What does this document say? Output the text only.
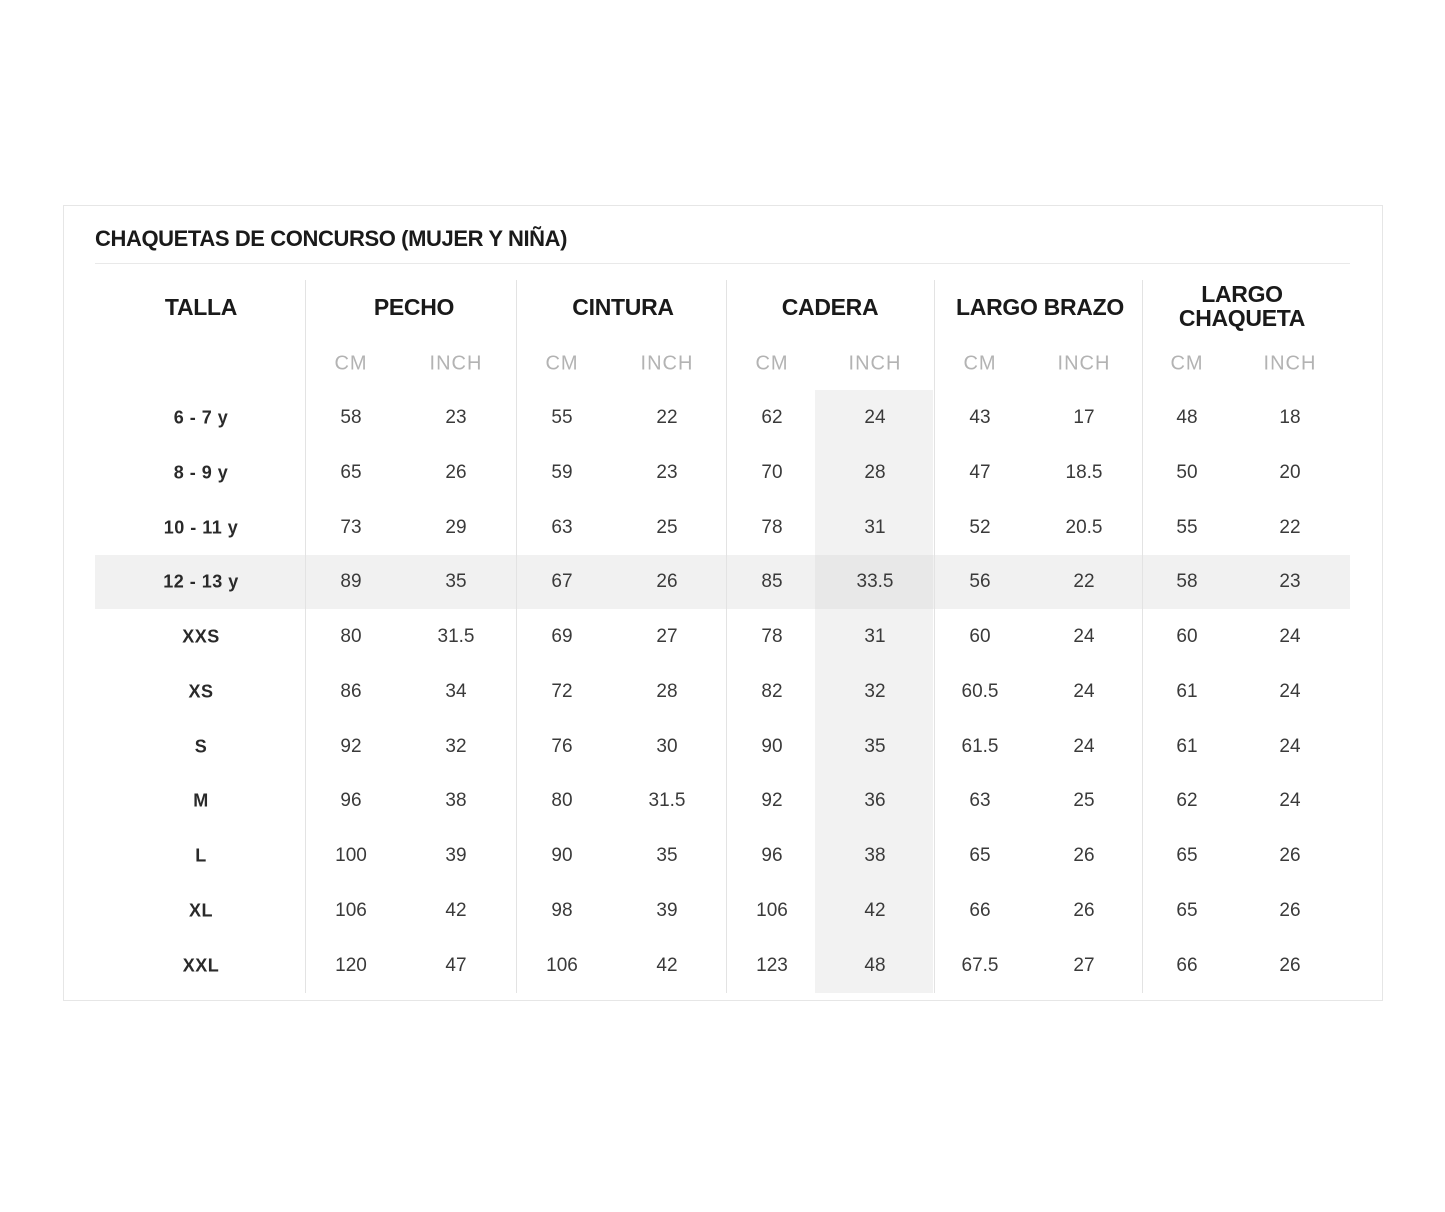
CHAQUETAS DE CONCURSO (MUJER Y NIÑA)
TALLA	PECHO	CINTURA	CADERA	LARGO BRAZO	LARGO
CHAQUETA
CM	INCH	CM	INCH	CM	INCH	CM	INCH	CM	INCH
6 - 7 y	58	23	55	22	62	24	43	17	48	18
8 - 9 y	65	26	59	23	70	28	47	18.5	50	20
10 - 11 y	73	29	63	25	78	31	52	20.5	55	22
12 - 13 y	89	35	67	26	85	33.5	56	22	58	23
XXS	80	31.5	69	27	78	31	60	24	60	24
XS	86	34	72	28	82	32	60.5	24	61	24
S	92	32	76	30	90	35	61.5	24	61	24
M	96	38	80	31.5	92	36	63	25	62	24
L	100	39	90	35	96	38	65	26	65	26
XL	106	42	98	39	106	42	66	26	65	26
XXL	120	47	106	42	123	48	67.5	27	66	26
